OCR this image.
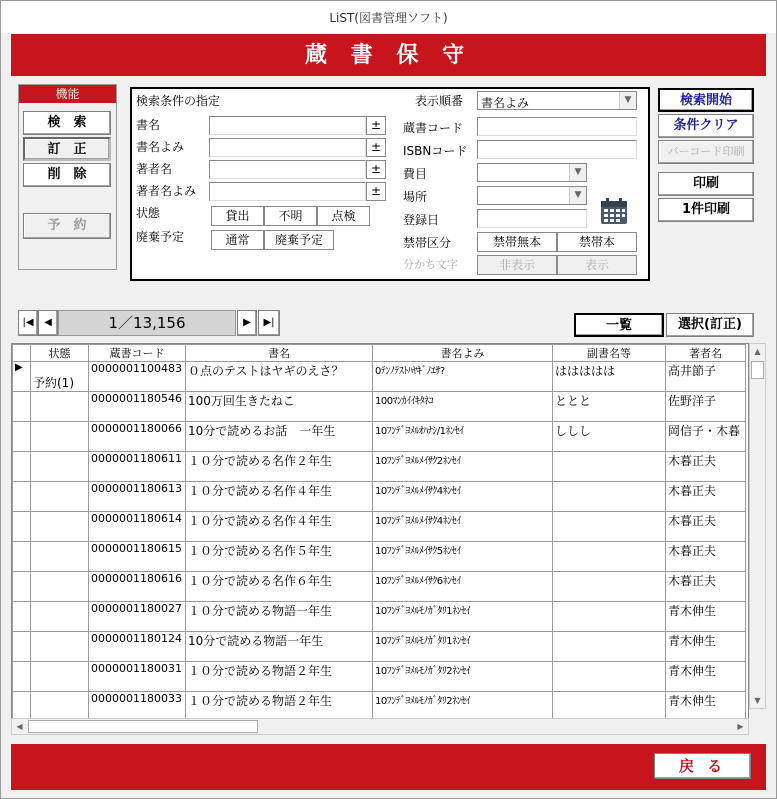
LiST(図書管理ソフト)
蔵 書 保 守
機能
検　索
訂　正
削　除
予　約
検索条件の指定	表示順番 書名よみ	▼
書名	±
書名よみ	±
著者名	±
著者名よみ	±
状態	貸出	不明	点検
廃棄予定	通常	廃棄予定
蔵書コード
ISBNコード
費目	▼
場所	▼
登録日
禁帯区分	禁帯無本	禁帯本
分かち文字	非表示	表示
検索開始
条件クリア
バーコード印刷
印刷
1件印刷
|◀	◀	1／13,156	▶	▶|	一覧	選択(訂正)
	状態	蔵書コード	書名	書名よみ	副書名等	著者名
▶	予約(1)	0000001100483	０点のテストはヤギのえさ？	0ﾃﾝﾉﾃｽﾄﾊﾔｷﾞﾉｴｻ?	ははははは	高井節子
		0000001180546	100万回生きたねこ	100ﾏﾝｶｲｲｷﾀﾈｺ	ととと	佐野洋子
		0000001180066	10分で読めるお話　一年生	10ﾌﾝﾃﾞﾖﾒﾙｵﾊﾅｼ/1ﾈﾝｾｲ	ししし	岡信子・木暮
		0000001180611	１０分で読める名作２年生	10ﾌﾝﾃﾞﾖﾒﾙﾒｲｻｸ2ﾈﾝｾｲ		木暮正夫
		0000001180613	１０分で読める名作４年生	10ﾌﾝﾃﾞﾖﾒﾙﾒｲｻｸ4ﾈﾝｾｲ		木暮正夫
		0000001180614	１０分で読める名作４年生	10ﾌﾝﾃﾞﾖﾒﾙﾒｲｻｸ4ﾈﾝｾｲ		木暮正夫
		0000001180615	１０分で読める名作５年生	10ﾌﾝﾃﾞﾖﾒﾙﾒｲｻｸ5ﾈﾝｾｲ		木暮正夫
		0000001180616	１０分で読める名作６年生	10ﾌﾝﾃﾞﾖﾒﾙﾒｲｻｸ6ﾈﾝｾｲ		木暮正夫
		0000001180027	１０分で読める物語一年生	10ﾌﾝﾃﾞﾖﾒﾙﾓﾉｶﾞﾀﾘ1ﾈﾝｾｲ		青木伸生
		0000001180124	10分で読める物語一年生	10ﾌﾝﾃﾞﾖﾒﾙﾓﾉｶﾞﾀﾘ1ﾈﾝｾｲ		青木伸生
		0000001180031	１０分で読める物語２年生	10ﾌﾝﾃﾞﾖﾒﾙﾓﾉｶﾞﾀﾘ2ﾈﾝｾｲ		青木伸生
		0000001180033	１０分で読める物語２年生	10ﾌﾝﾃﾞﾖﾒﾙﾓﾉｶﾞﾀﾘ2ﾈﾝｾｲ		青木伸生
▲
▼
◀	▶
戻 る
